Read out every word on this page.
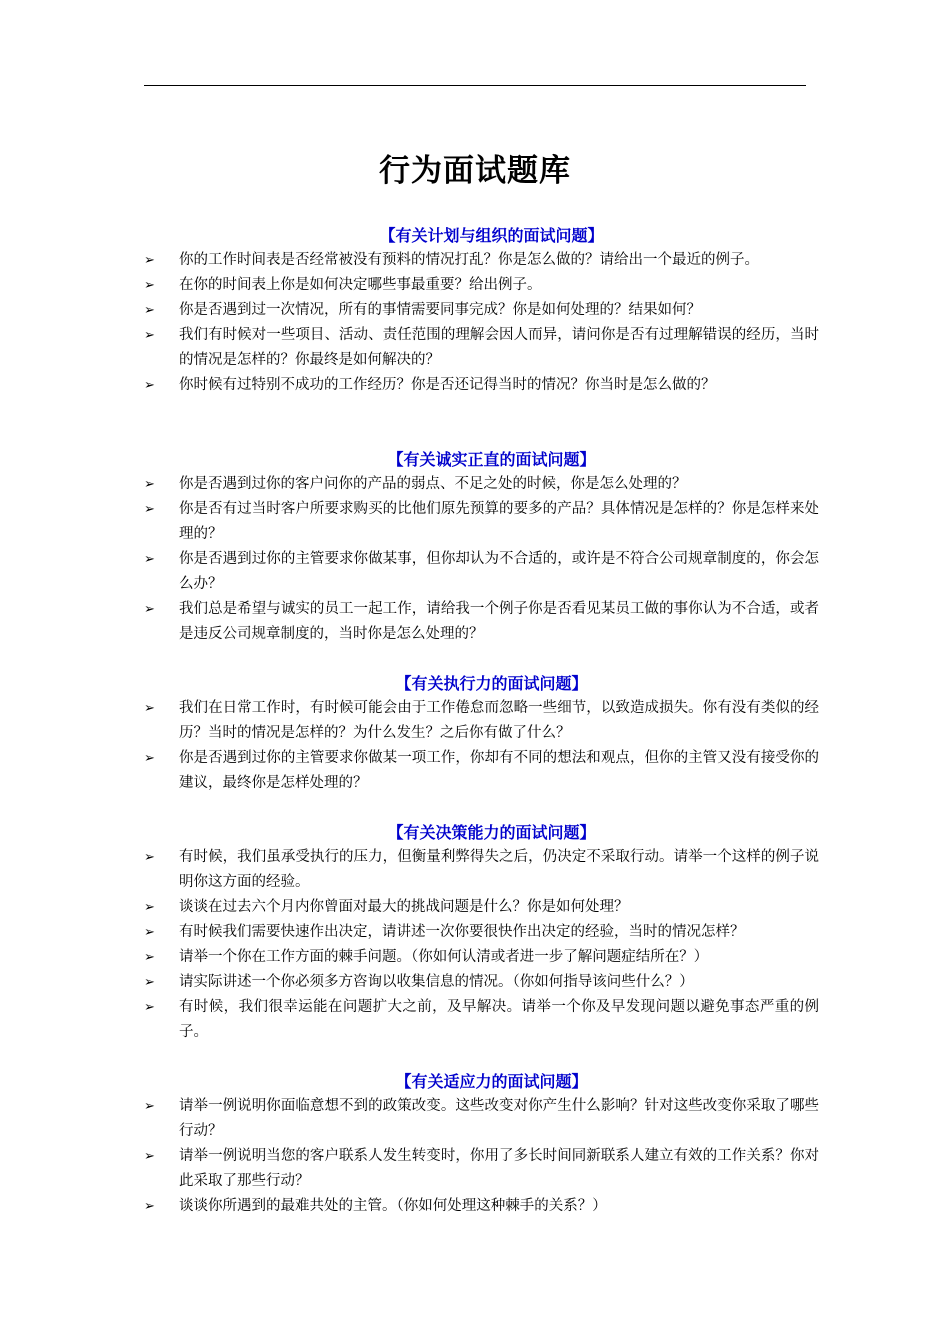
行为面试题库
【有关计划与组织的面试问题】
➢	你的工作时间表是否经常被没有预料的情况打乱？你是怎么做的？请给出一个最近的例子。
➢	在你的时间表上你是如何决定哪些事最重要？给出例子。
➢	你是否遇到过一次情况，所有的事情需要同事完成？你是如何处理的？结果如何？
➢	我们有时候对一些项目、活动、责任范围的理解会因人而异，请问你是否有过理解错误的经历，当时的情况是怎样的？你最终是如何解决的？
➢	你时候有过特别不成功的工作经历？你是否还记得当时的情况？你当时是怎么做的？
【有关诚实正直的面试问题】
➢	你是否遇到过你的客户问你的产品的弱点、不足之处的时候，你是怎么处理的？
➢	你是否有过当时客户所要求购买的比他们原先预算的要多的产品？具体情况是怎样的？你是怎样来处理的？
➢	你是否遇到过你的主管要求你做某事，但你却认为不合适的，或许是不符合公司规章制度的，你会怎么办？
➢	我们总是希望与诚实的员工一起工作，请给我一个例子你是否看见某员工做的事你认为不合适，或者是违反公司规章制度的，当时你是怎么处理的？
【有关执行力的面试问题】
➢	我们在日常工作时，有时候可能会由于工作倦怠而忽略一些细节，以致造成损失。你有没有类似的经历？当时的情况是怎样的？为什么发生？之后你有做了什么？
➢	你是否遇到过你的主管要求你做某一项工作，你却有不同的想法和观点，但你的主管又没有接受你的建议，最终你是怎样处理的？
【有关决策能力的面试问题】
➢	有时候，我们虽承受执行的压力，但衡量利弊得失之后，仍决定不采取行动。请举一个这样的例子说明你这方面的经验。
➢	谈谈在过去六个月内你曾面对最大的挑战问题是什么？你是如何处理？
➢	有时候我们需要快速作出决定，请讲述一次你要很快作出决定的经验，当时的情况怎样？
➢	请举一个你在工作方面的棘手问题。（你如何认清或者进一步了解问题症结所在？）
➢	请实际讲述一个你必须多方咨询以收集信息的情况。（你如何指导该问些什么？）
➢	有时候，我们很幸运能在问题扩大之前，及早解决。请举一个你及早发现问题以避免事态严重的例子。
【有关适应力的面试问题】
➢	请举一例说明你面临意想不到的政策改变。这些改变对你产生什么影响？针对这些改变你采取了哪些行动？
➢	请举一例说明当您的客户联系人发生转变时，你用了多长时间同新联系人建立有效的工作关系？你对此采取了那些行动？
➢	谈谈你所遇到的最难共处的主管。（你如何处理这种棘手的关系？）
